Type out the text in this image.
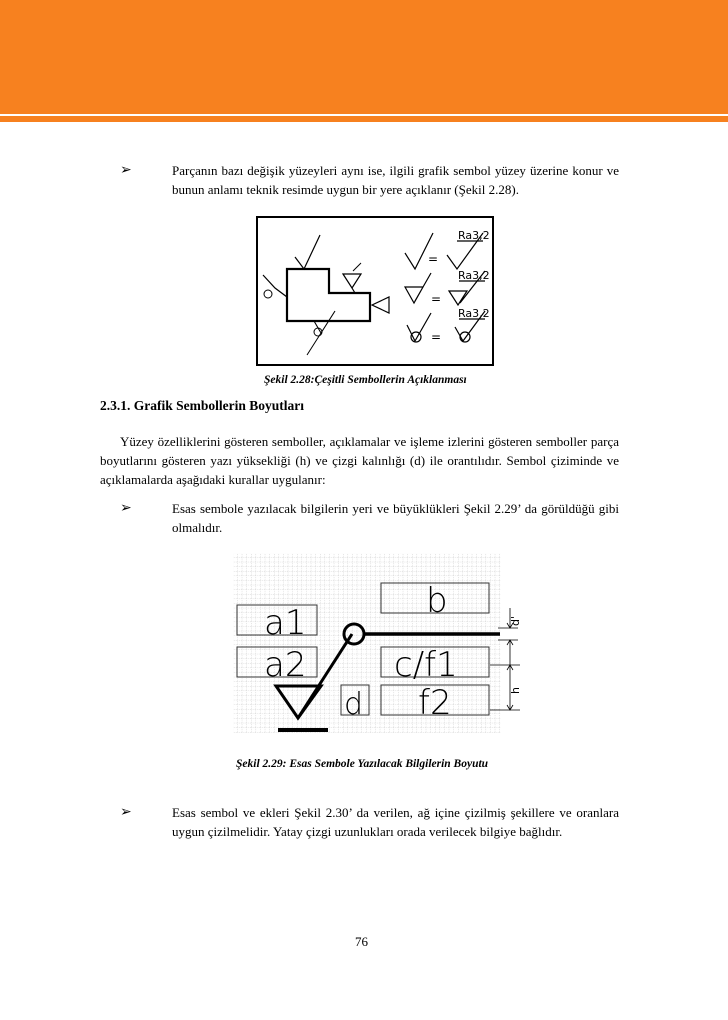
➢	Parçanın bazı değişik yüzeyleri aynı ise, ilgili grafik sembol yüzey üzerine konur ve bunun anlamı teknik resimde uygun bir yere açıklanır (Şekil 2.28).
=
Ra3,2
=
Ra3,2
=
Ra3,2
Şekil 2.28:Çeşitli Sembollerin Açıklanması
2.3.1. Grafik Sembollerin Boyutları
Yüzey özelliklerini gösteren semboller, açıklamalar ve işleme izlerini gösteren semboller parça boyutlarını gösteren yazı yüksekliği (h) ve çizgi kalınlığı (d) ile orantılıdır. Sembol çiziminde ve açıklamalarda aşağıdaki kurallar uygulanır:
➢	Esas sembole yazılacak bilgilerin yeri ve büyüklükleri Şekil 2.29’ da görüldüğü gibi olmalıdır.
a1
a2
b
c/f1
f2
d
d'
h
Şekil 2.29: Esas Sembole Yazılacak Bilgilerin Boyutu
➢	Esas sembol ve ekleri Şekil 2.30’ da verilen, ağ içine çizilmiş şekillere ve oranlara uygun çizilmelidir. Yatay çizgi uzunlukları orada verilecek bilgiye bağlıdır.
76
